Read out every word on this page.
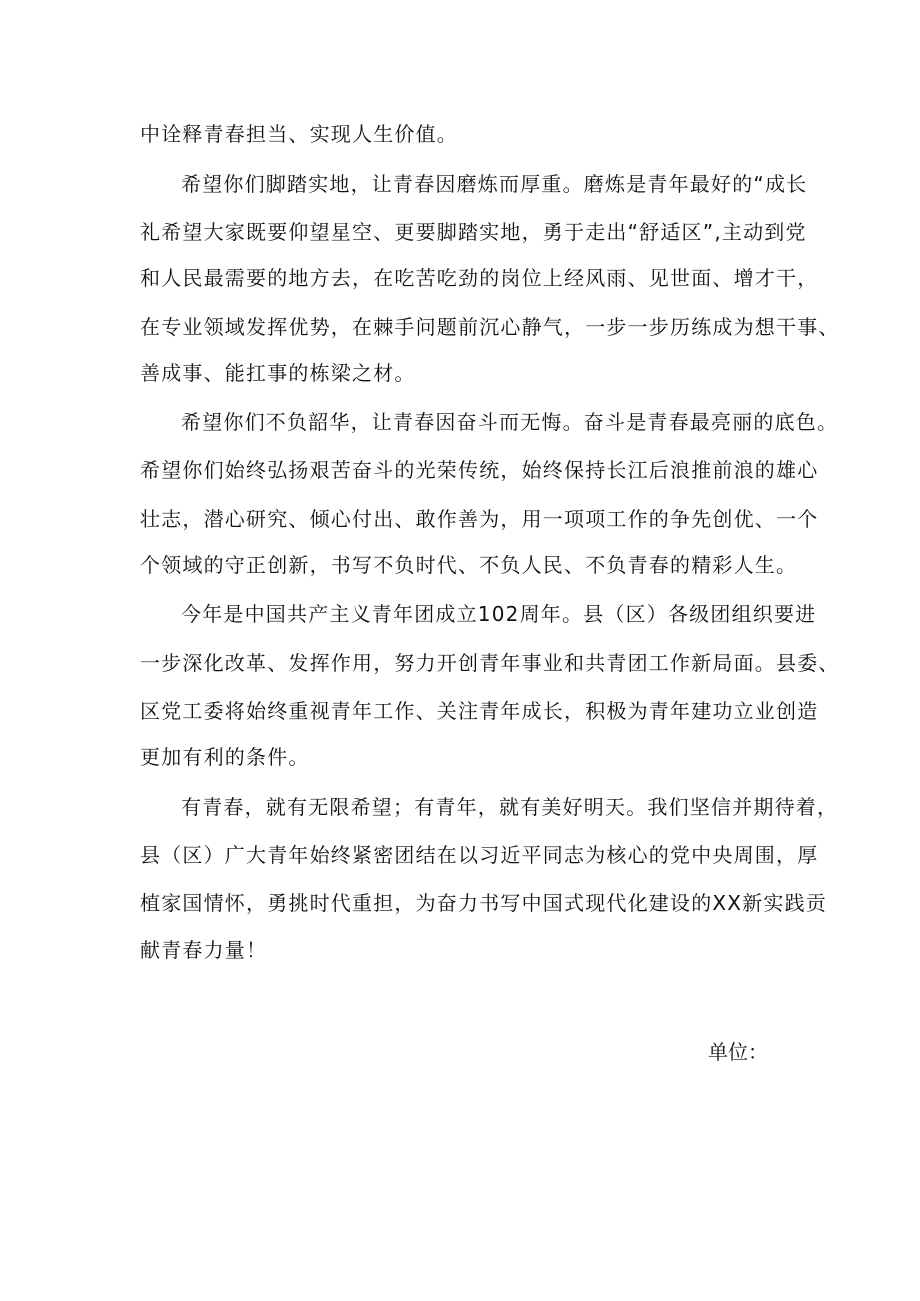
中诠释青春担当、实现人生价值。
希望你们脚踏实地，让青春因磨炼而厚重。磨炼是青年最好的“成长
礼希望大家既要仰望星空、更要脚踏实地，勇于走出“舒适区”,主动到党
和人民最需要的地方去，在吃苦吃劲的岗位上经风雨、见世面、增才干，
在专业领域发挥优势，在棘手问题前沉心静气，一步一步历练成为想干事、
善成事、能扛事的栋梁之材。
希望你们不负韶华，让青春因奋斗而无悔。奋斗是青春最亮丽的底色。
希望你们始终弘扬艰苦奋斗的光荣传统，始终保持长江后浪推前浪的雄心
壮志，潜心研究、倾心付出、敢作善为，用一项项工作的争先创优、一个
个领域的守正创新，书写不负时代、不负人民、不负青春的精彩人生。
今年是中国共产主义青年团成立102周年。县（区）各级团组织要进
一步深化改革、发挥作用，努力开创青年事业和共青团工作新局面。县委、
区党工委将始终重视青年工作、关注青年成长，积极为青年建功立业创造
更加有利的条件。
有青春，就有无限希望；有青年，就有美好明天。我们坚信并期待着，
县（区）广大青年始终紧密团结在以习近平同志为核心的党中央周围，厚
植家国情怀，勇挑时代重担，为奋力书写中国式现代化建设的XX新实践贡
献青春力量！
单位：
